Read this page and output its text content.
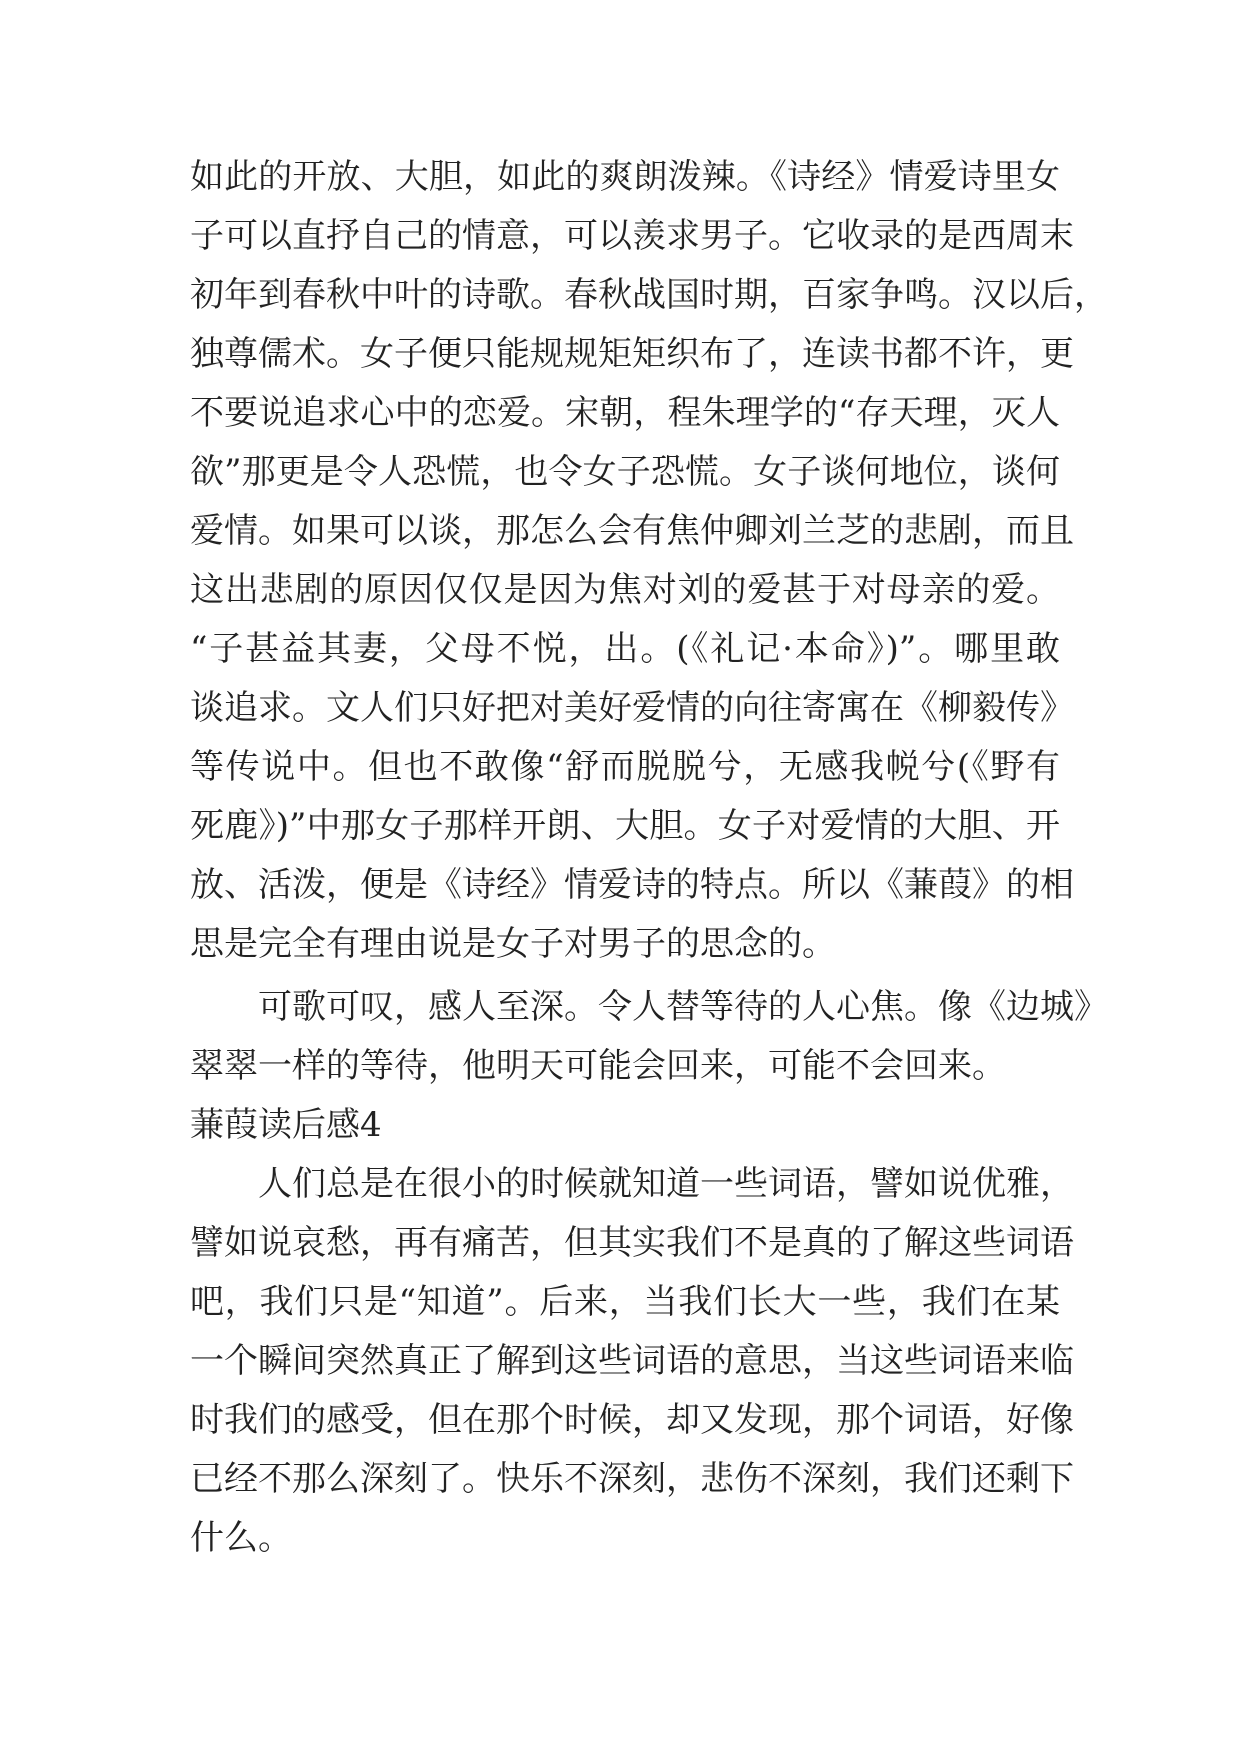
如此的开放、大胆，如此的爽朗泼辣。《诗经》情爱诗里女
子可以直抒自己的情意，可以羡求男子。它收录的是西周末
初年到春秋中叶的诗歌。春秋战国时期，百家争鸣。汉以后，
独尊儒术。女子便只能规规矩矩织布了，连读书都不许，更
不要说追求心中的恋爱。宋朝，程朱理学的“存天理，灭人
欲”那更是令人恐慌，也令女子恐慌。女子谈何地位，谈何
爱情。如果可以谈，那怎么会有焦仲卿刘兰芝的悲剧，而且
这出悲剧的原因仅仅是因为焦对刘的爱甚于对母亲的爱。
“子甚益其妻，父母不悦，出。(《礼记·本命》)”。哪里敢
谈追求。文人们只好把对美好爱情的向往寄寓在《柳毅传》
等传说中。但也不敢像“舒而脱脱兮，无感我帨兮(《野有
死鹿》)”中那女子那样开朗、大胆。女子对爱情的大胆、开
放、活泼，便是《诗经》情爱诗的特点。所以《蒹葭》的相
思是完全有理由说是女子对男子的思念的。
可歌可叹，感人至深。令人替等待的人心焦。像《边城》
翠翠一样的等待，他明天可能会回来，可能不会回来。
蒹葭读后感4
人们总是在很小的时候就知道一些词语，譬如说优雅，
譬如说哀愁，再有痛苦，但其实我们不是真的了解这些词语
吧，我们只是“知道”。后来，当我们长大一些，我们在某
一个瞬间突然真正了解到这些词语的意思，当这些词语来临
时我们的感受，但在那个时候，却又发现，那个词语，好像
已经不那么深刻了。快乐不深刻，悲伤不深刻，我们还剩下
什么。
